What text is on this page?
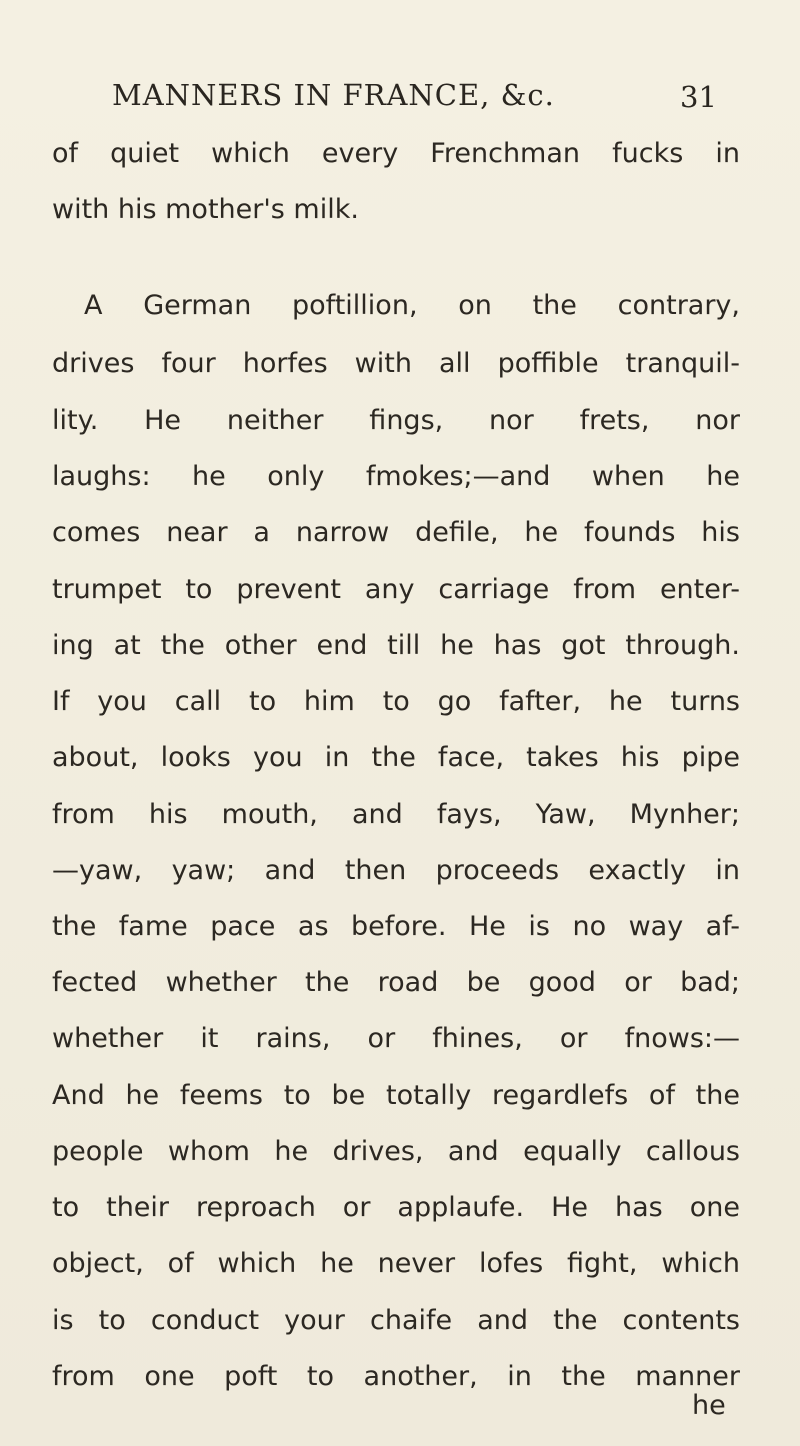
MANNERS IN FRANCE, &c.	31
of quiet which every Frenchman fucks in
with his mother's milk.
A German poftillion, on the contrary,
drives four horfes with all poffible tranquil-
lity. He neither fings, nor frets, nor
laughs: he only fmokes;—and when he
comes near a narrow defile, he founds his
trumpet to prevent any carriage from enter-
ing at the other end till he has got through.
If you call to him to go fafter, he turns
about, looks you in the face, takes his pipe
from his mouth, and fays, Yaw, Mynher;
—yaw, yaw; and then proceeds exactly in
the fame pace as before. He is no way af-
fected whether the road be good or bad;
whether it rains, or fhines, or fnows:—
And he feems to be totally regardlefs of the
people whom he drives, and equally callous
to their reproach or applaufe. He has one
object, of which he never lofes fight, which
is to conduct your chaife and the contents
from one poft to another, in the manner
he
